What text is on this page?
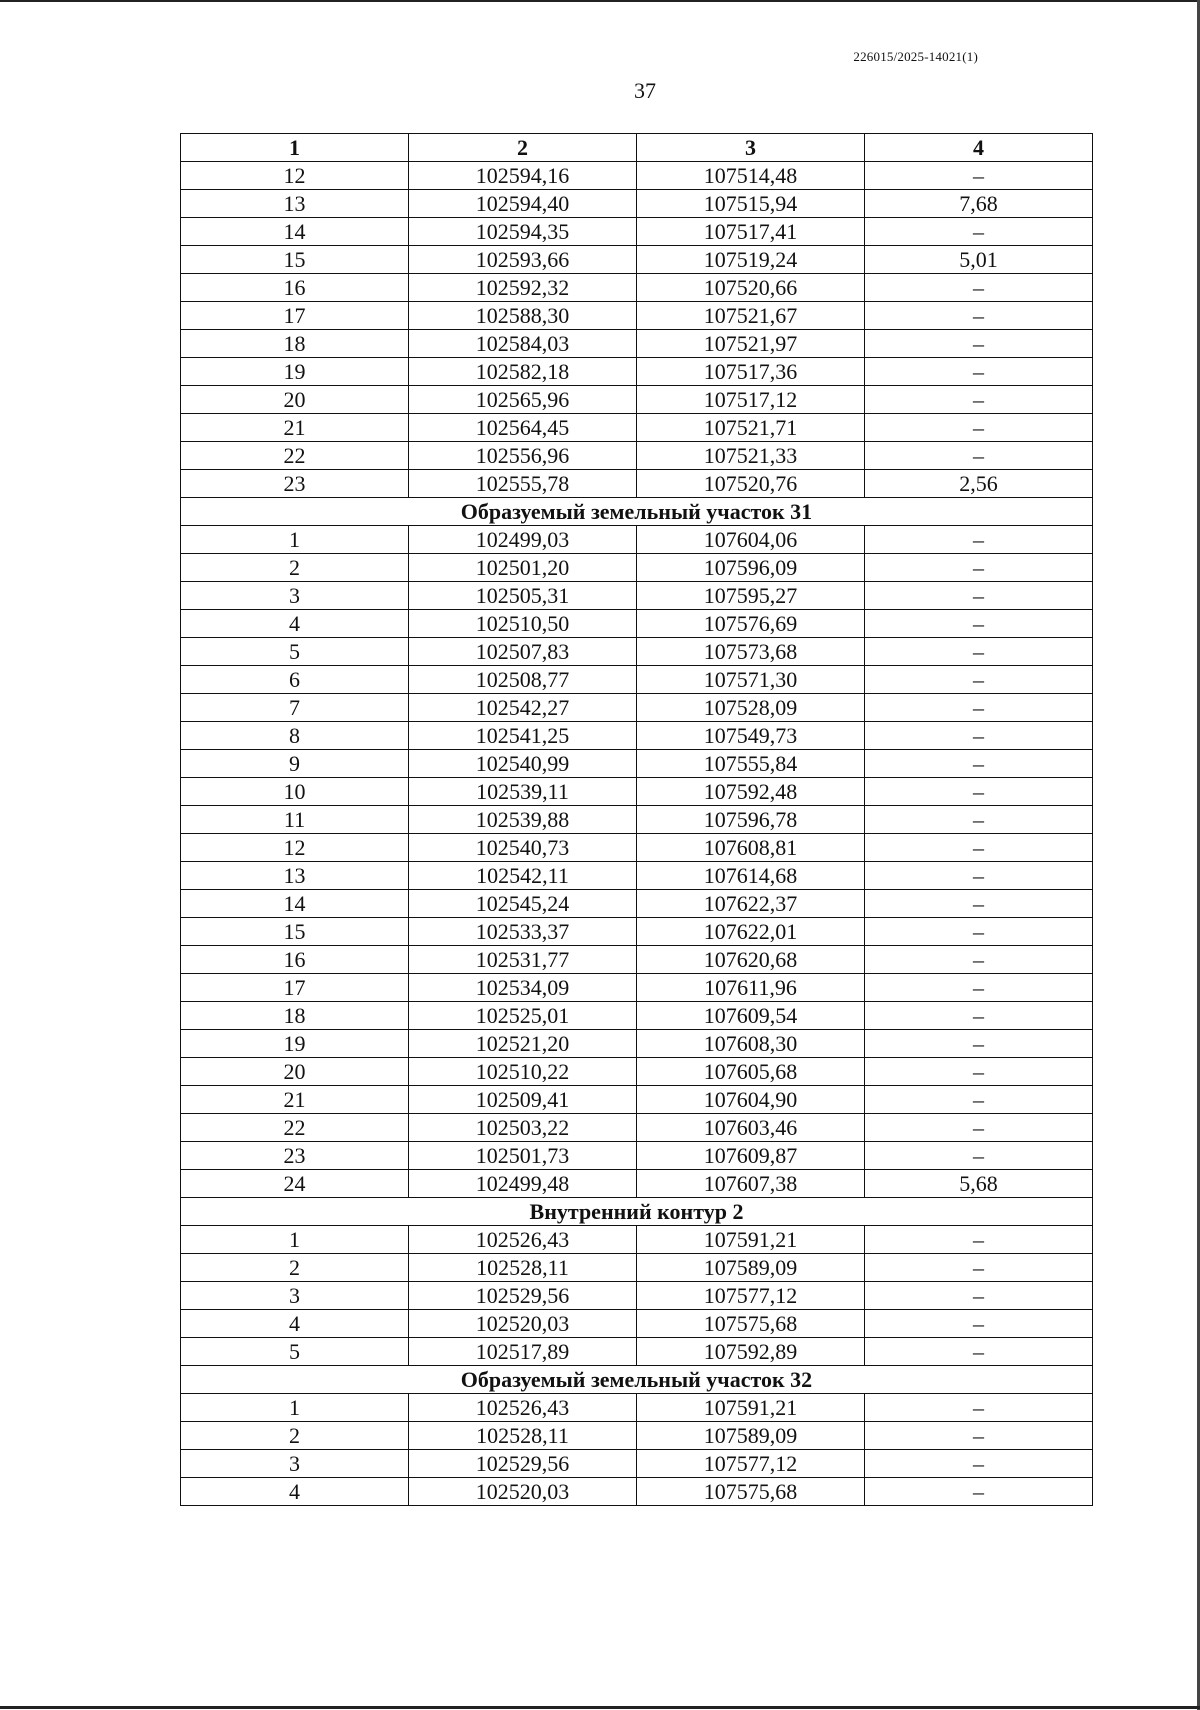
226015/2025-14021(1)
37
1	2	3	4
12	102594,16	107514,48	–
13	102594,40	107515,94	7,68
14	102594,35	107517,41	–
15	102593,66	107519,24	5,01
16	102592,32	107520,66	–
17	102588,30	107521,67	–
18	102584,03	107521,97	–
19	102582,18	107517,36	–
20	102565,96	107517,12	–
21	102564,45	107521,71	–
22	102556,96	107521,33	–
23	102555,78	107520,76	2,56
Образуемый земельный участок 31			
1	102499,03	107604,06	–
2	102501,20	107596,09	–
3	102505,31	107595,27	–
4	102510,50	107576,69	–
5	102507,83	107573,68	–
6	102508,77	107571,30	–
7	102542,27	107528,09	–
8	102541,25	107549,73	–
9	102540,99	107555,84	–
10	102539,11	107592,48	–
11	102539,88	107596,78	–
12	102540,73	107608,81	–
13	102542,11	107614,68	–
14	102545,24	107622,37	–
15	102533,37	107622,01	–
16	102531,77	107620,68	–
17	102534,09	107611,96	–
18	102525,01	107609,54	–
19	102521,20	107608,30	–
20	102510,22	107605,68	–
21	102509,41	107604,90	–
22	102503,22	107603,46	–
23	102501,73	107609,87	–
24	102499,48	107607,38	5,68
Внутренний контур 2			
1	102526,43	107591,21	–
2	102528,11	107589,09	–
3	102529,56	107577,12	–
4	102520,03	107575,68	–
5	102517,89	107592,89	–
Образуемый земельный участок 32			
1	102526,43	107591,21	–
2	102528,11	107589,09	–
3	102529,56	107577,12	–
4	102520,03	107575,68	–
